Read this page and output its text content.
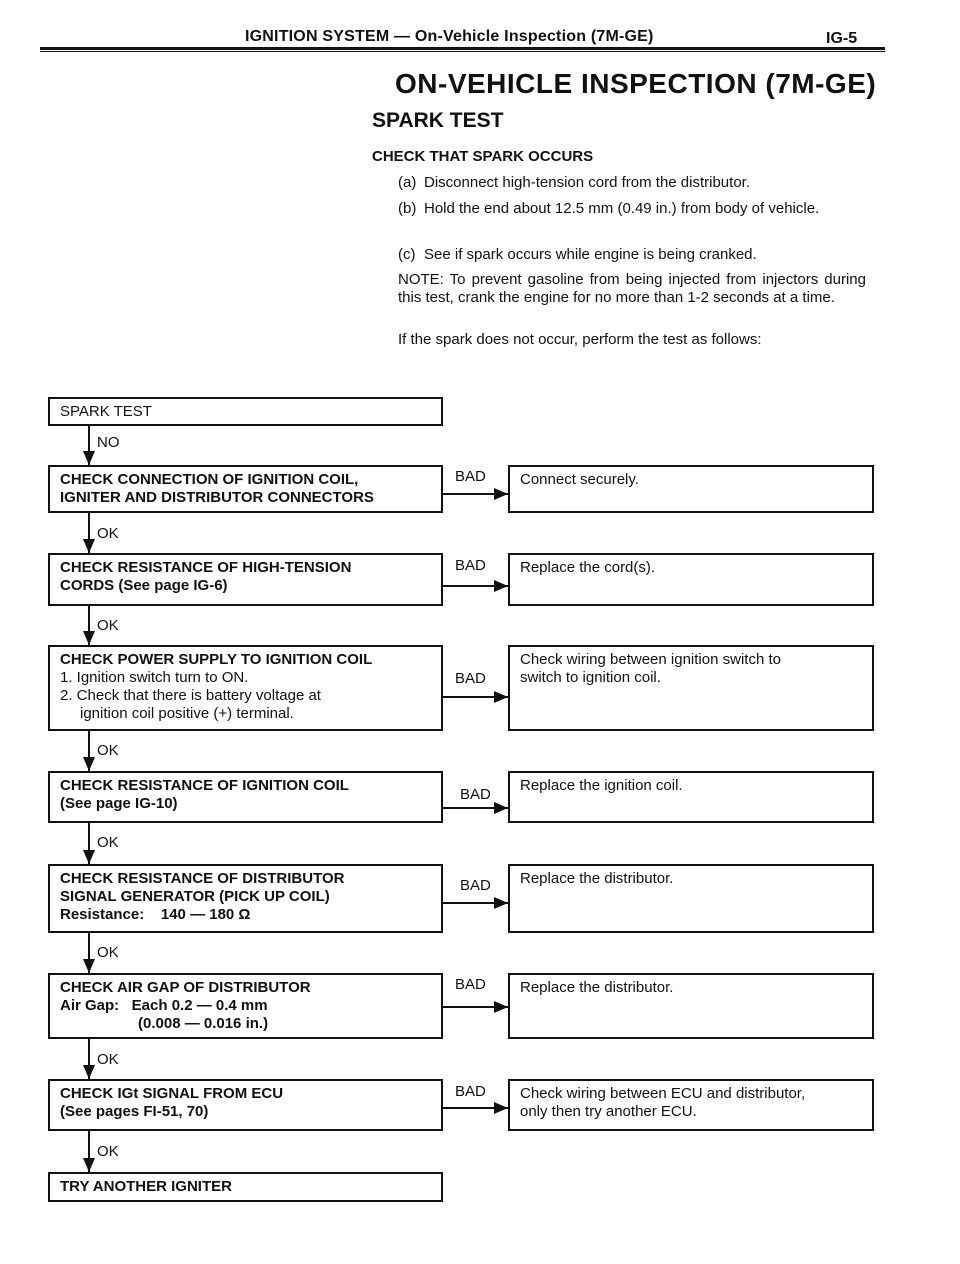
IGNITION SYSTEM — On-Vehicle Inspection (7M-GE)	IG-5
ON-VEHICLE INSPECTION (7M-GE)
SPARK TEST
CHECK THAT SPARK OCCURS
(a) Disconnect high-tension cord from the distributor.
(b) Hold the end about 12.5 mm (0.49 in.) from body of vehicle.
(c) See if spark occurs while engine is being cranked.
NOTE: To prevent gasoline from being injected from injectors during this test, crank the engine for no more than 1-2 seconds at a time.
If the spark does not occur, perform the test as follows:
SPARK TEST
NO
CHECK CONNECTION OF IGNITION COIL,
IGNITER AND DISTRIBUTOR CONNECTORS
BAD Connect securely.
OK
CHECK RESISTANCE OF HIGH-TENSION
CORDS (See page IG-6)
BAD Replace the cord(s).
OK
CHECK POWER SUPPLY TO IGNITION COIL
1. Ignition switch turn to ON.
2. Check that there is battery voltage at
ignition coil positive (+) terminal.
BAD
Check wiring between ignition switch to
switch to ignition coil.
OK
CHECK RESISTANCE OF IGNITION COIL
(See page IG-10)
BAD
Replace the ignition coil.
OK
CHECK RESISTANCE OF DISTRIBUTOR
SIGNAL GENERATOR (PICK UP COIL)
Resistance:    140 — 180 Ω
BAD Replace the distributor.
OK
CHECK AIR GAP OF DISTRIBUTOR
Air Gap:   Each 0.2 — 0.4 mm
(0.008 — 0.016 in.)
BAD Replace the distributor.
OK
CHECK IGt SIGNAL FROM ECU
(See pages FI-51, 70)
BAD Check wiring between ECU and distributor,
only then try another ECU.
OK
TRY ANOTHER IGNITER
